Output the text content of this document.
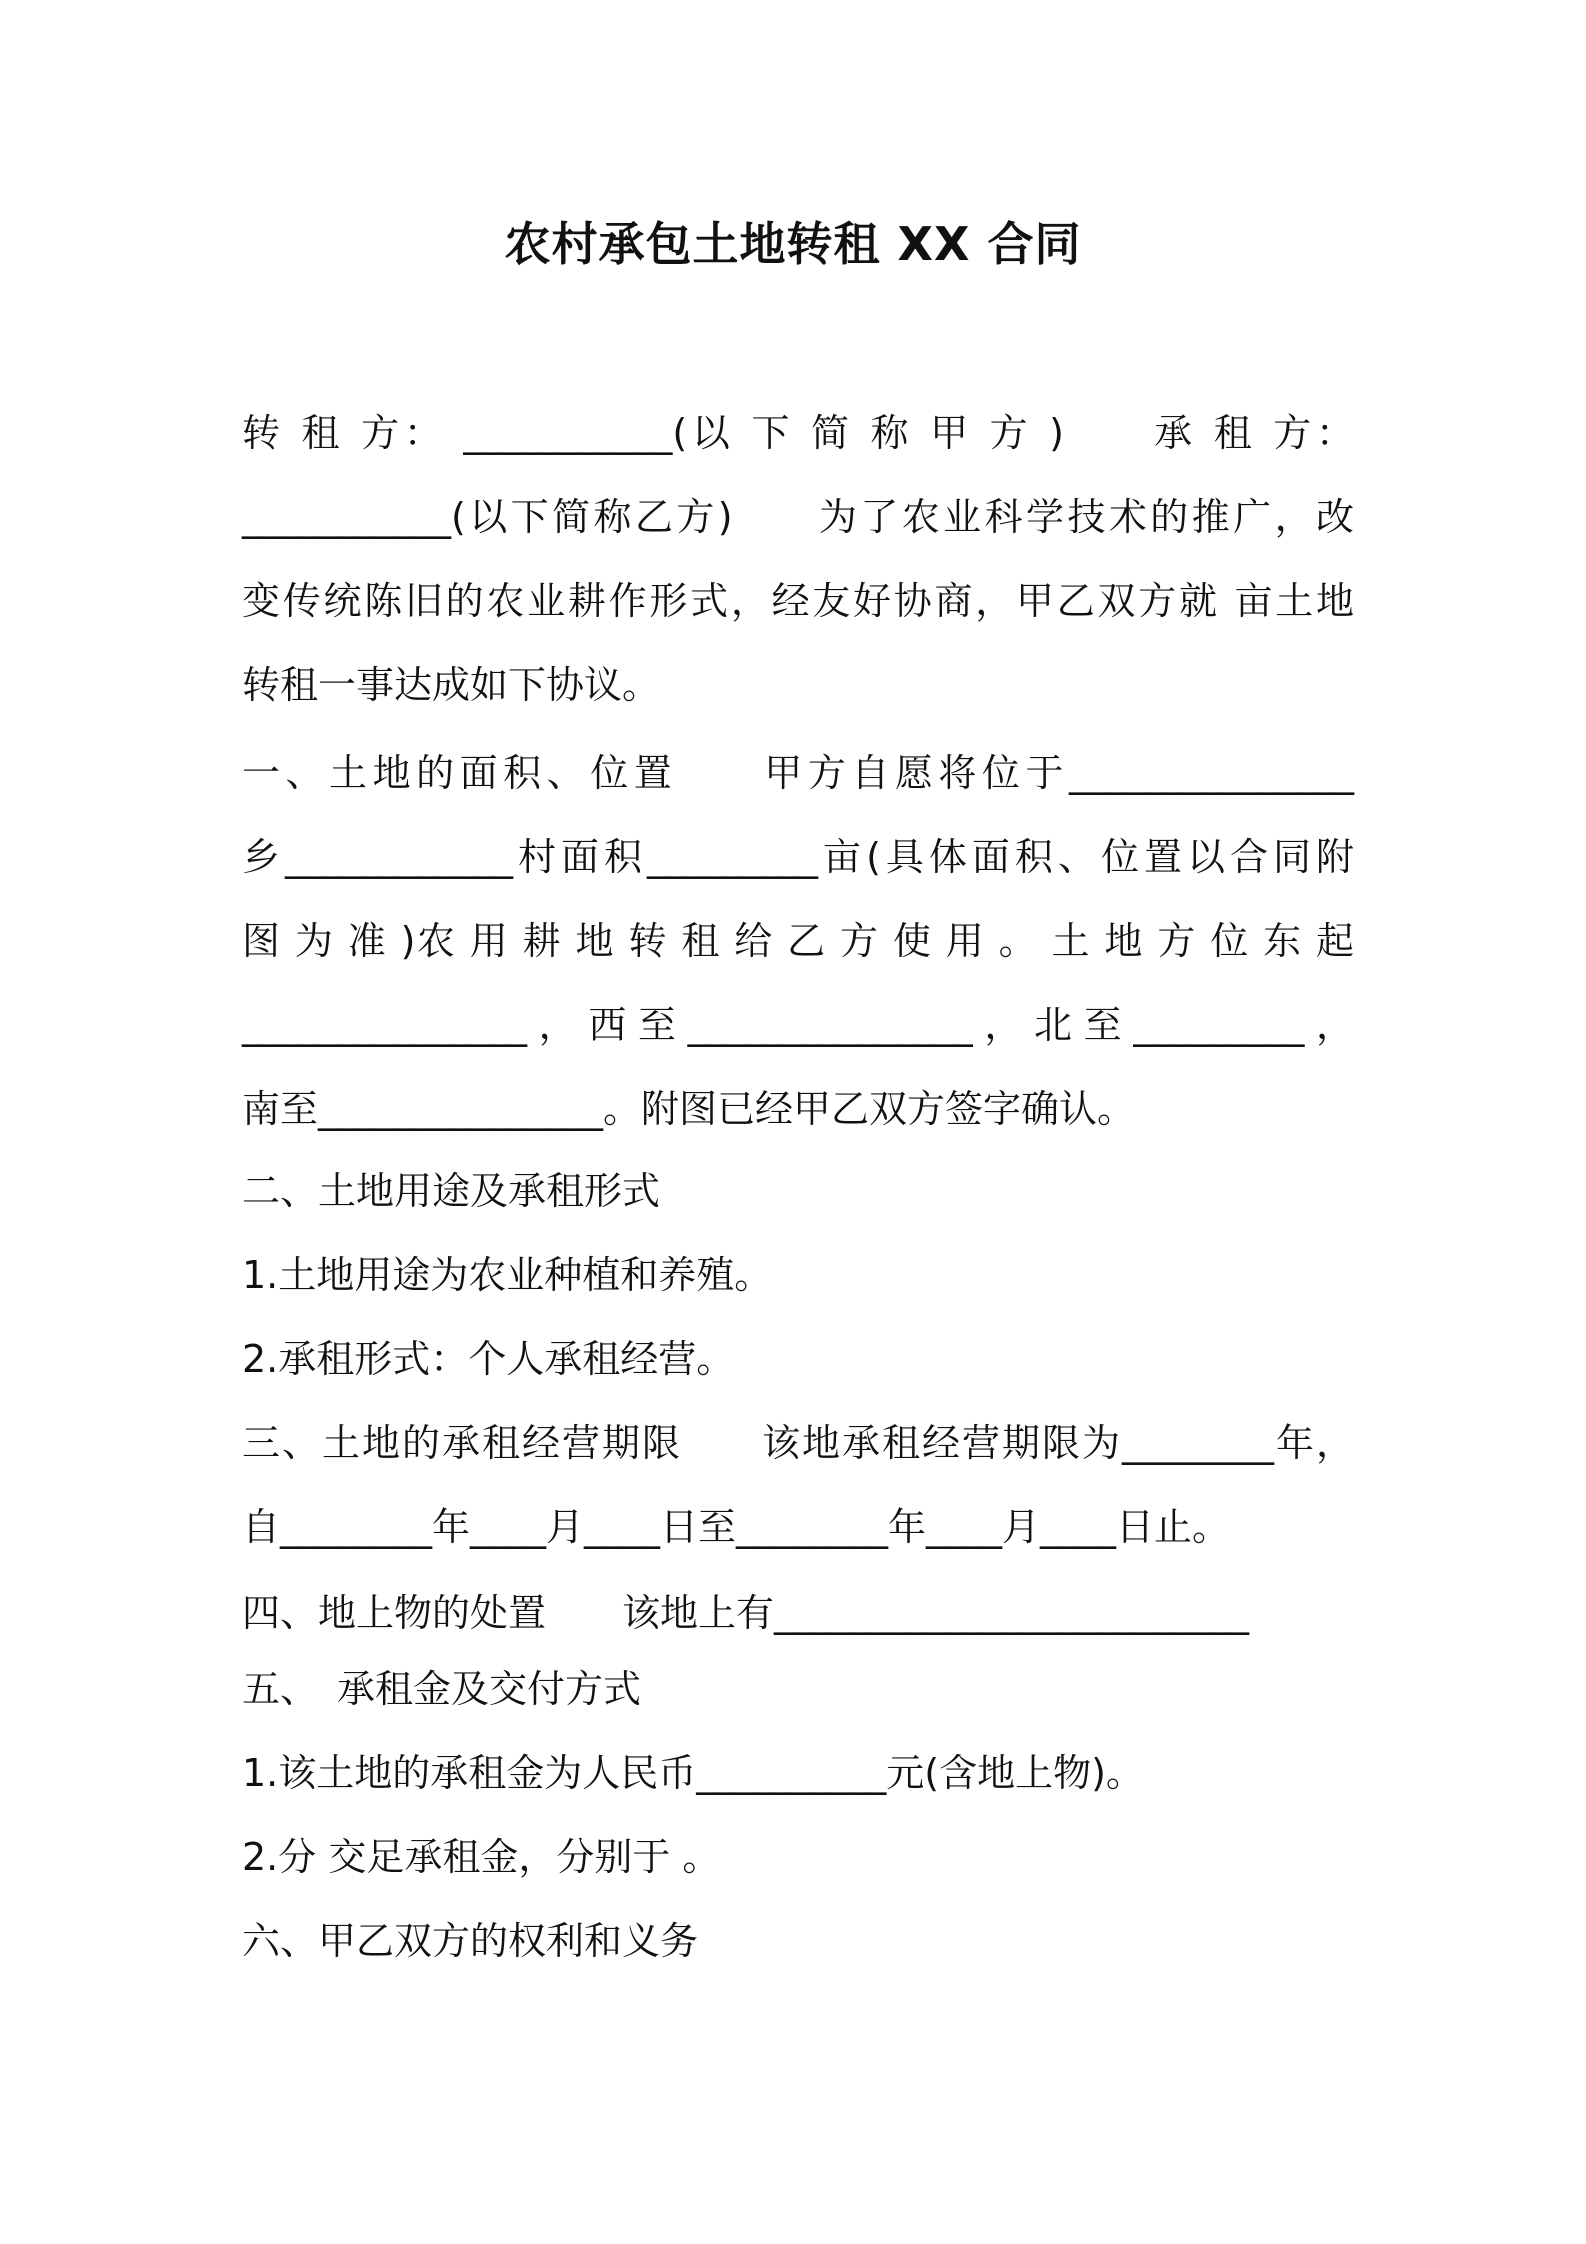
农村承包土地转租 XX 合同
转 租 方： ___________(以 下 简 称 甲 方 )　　承 租 方：
___________(以下简称乙方)　　为了农业科学技术的推广，改
变传统陈旧的农业耕作形式，经友好协商，甲乙双方就 亩土地
转租一事达成如下协议。
一、土地的面积、位置　　甲方自愿将位于_______________
乡____________村面积_________亩(具体面积、位置以合同附
图 为 准 )农 用 耕 地 转 租 给 乙 方 使 用 。 土 地 方 位 东 起
_______________，西至_______________，北至_________，
南至_______________。附图已经甲乙双方签字确认。
二、土地用途及承租形式
1.土地用途为农业种植和养殖。
2.承租形式：个人承租经营。
三、土地的承租经营期限　　该地承租经营期限为________年，
自________年____月____日至________年____月____日止。
四、地上物的处置　　该地上有_________________________
五、　承租金及交付方式
1.该土地的承租金为人民币__________元(含地上物)。
2.分 交足承租金，分别于 。
六、甲乙双方的权利和义务
